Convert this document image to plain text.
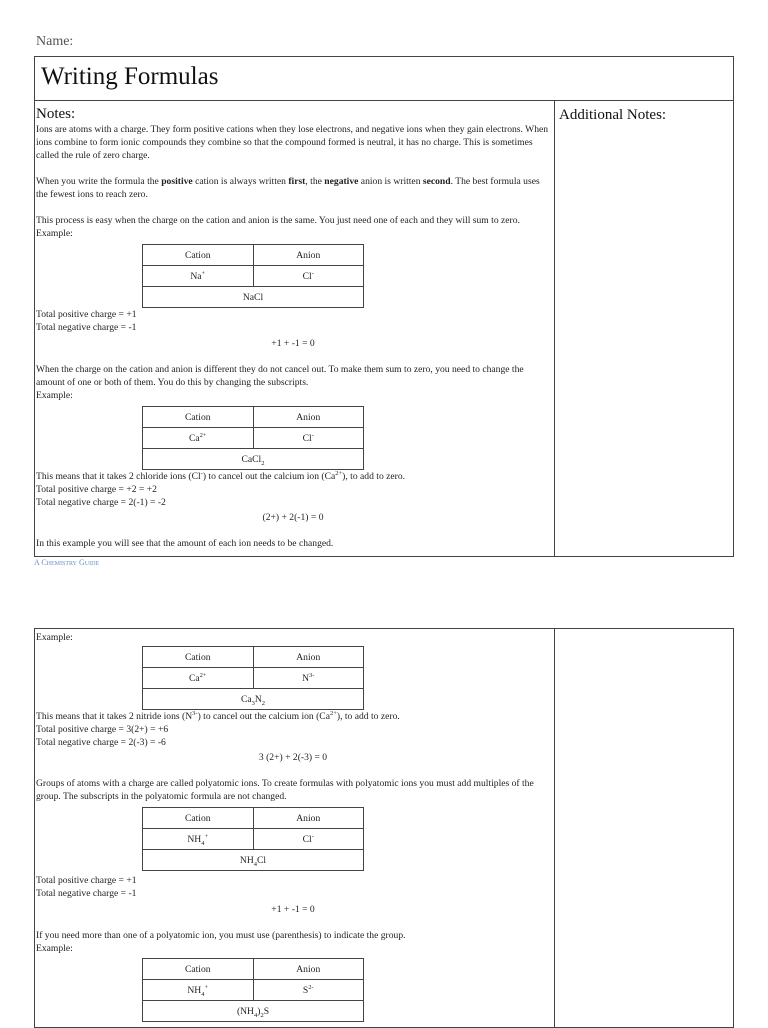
Name:
Writing Formulas
Additional Notes:
Notes:

Ions are atoms with a charge. They form positive cations when they lose electrons, and negative ions when they gain electrons. When ions combine to form ionic compounds they combine so that the compound formed is neutral, it has no charge. This is sometimes called the rule of zero charge.

When you write the formula the positive cation is always written first, the negative anion is written second. The best formula uses the fewest ions to reach zero.

This process is easy when the charge on the cation and anion is the same. You just need one of each and they will sum to zero.

Example:

Cation	Anion
Na+	Cl-
NaCl	

Total positive charge = +1

Total negative charge = -1

+1 + -1 = 0

When the charge on the cation and anion is different they do not cancel out. To make them sum to zero, you need to change the amount of one or both of them. You do this by changing the subscripts.

Example:

Cation	Anion
$Ca^{2+}$	Cl-
CaCl$_2$

This means that it takes 2 chloride ions (Cl-) to cancel out the calcium ion $(Ca^{2+})$, to add to zero.

Total positive charge = +2 = +2

Total negative charge = 2(-1) = -2

(2+) + 2(-1) = 0

In this example you will see that the amount of each ion needs to be changed.

A Chemistry Guide

Example:

Cation	Anion
$Ca^{2+}$	$N^{3-}$
$Ca_3N_2$

This means that it takes 2 nitride ions $(N^{3-})$ to cancel out the calcium ion $(Ca^{2+})$, to add to zero.

Total positive charge = 3(2+) = +6

Total negative charge = 2(-3) = -6

3 (2+) + 2(-3) = 0

Groups of atoms with a charge are called polyatomic ions. To create formulas with polyatomic ions you must add multiples of the group. The subscripts in the polyatomic formula are not changed.

Cation	Anion
$NH_4^+$	Cl-
$NH_4Cl$	

Total positive charge = +1

Total negative charge = -1

+1 + -1 = 0

If you need more than one of a polyatomic ion, you must use (parenthesis) to indicate the group.

Example:

Cation	Anion
$NH_4^+$	$S^{2-}$
$(NH_4)_2S$	
